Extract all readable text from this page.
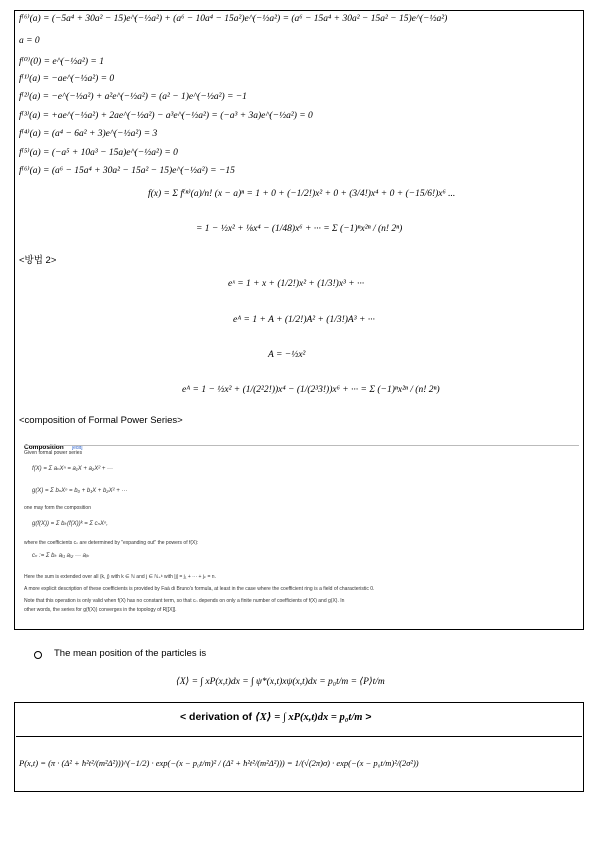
f⁽⁶⁾(a) = (−5a⁴ + 30a² − 15)e^(−½a²) + (a⁶ − 10a⁴ − 15a²)e^(−½a²) = (a⁶ − 15a⁴ + 30a² − 15a² − 15)e^(−½a²)
a = 0
f⁽⁰⁾(0) = e^(−½a²) = 1
f⁽¹⁾(a) = −ae^(−½a²) = 0
f⁽²⁾(a) = −e^(−½a²) + a²e^(−½a²) = (a² − 1)e^(−½a²) = −1
f⁽³⁾(a) = +ae^(−½a²) + 2ae^(−½a²) − a³e^(−½a²) = (−a³ + 3a)e^(−½a²) = 0
f⁽⁴⁾(a) = (a⁴ − 6a² + 3)e^(−½a²) = 3
f⁽⁵⁾(a) = (−a⁵ + 10a³ − 15a)e^(−½a²) = 0
f⁽⁶⁾(a) = (a⁶ − 15a⁴ + 30a² − 15a² − 15)e^(−½a²) = −15
f(x) = Σ f⁽ⁿ⁾(a)/n! (x − a)ⁿ = 1 + 0 + (−1/2!)x² + 0 + (3/4!)x⁴ + 0 + (−15/6!)x⁶ ...
= 1 − ½x² + ⅛x⁴ − (1/48)x⁶ + ··· = Σ (−1)ⁿx²ⁿ / (n! 2ⁿ)
<방법 2>
eˣ = 1 + x + (1/2!)x² + (1/3!)x³ + ···
eᴬ = 1 + A + (1/2!)A² + (1/3!)A³ + ···
A = −½x²
eᴬ = 1 − ½x² + (1/(2²2!))x⁴ − (1/(2³3!))x⁶ + ··· = Σ (−1)ⁿx²ⁿ / (n! 2ⁿ)
<composition of Formal Power Series>
Composition [edit]
Given formal power series
f(X) = Σ aₙXⁿ = a₁X + a₂X² + ···
g(X) = Σ bₙXⁿ = b₀ + b₁X + b₂X² + ···
one may form the composition
g(f(X)) = Σ bₖ(f(X))ᵏ = Σ cₙXⁿ,
where the coefficients cₙ are determined by "expanding out" the powers of f(X):
cₙ := Σ bₖ aⱼ₁ aⱼ₂ ··· aⱼₖ
Here the sum is extended over all (k, j) with k ∈ ℕ and j ∈ ℕ₊ᵏ with |j| = j₁ + ··· + jₖ = n.
A more explicit description of these coefficients is provided by Faà di Bruno's formula, at least in the case where the coefficient ring is a field of characteristic 0.
Note that this operation is only valid when f(X) has no constant term, so that cₙ depends on only a finite number of coefficients of f(X) and g(X). In
other words, the series for g(f(X)) converges in the topology of R[[X]].
The mean position of the particles is
⟨X⟩ = ∫ xP(x,t)dx = ∫ ψ*(x,t)xψ(x,t)dx = p₀t/m = ⟨P⟩t/m
< derivation of ⟨X⟩ = ∫ xP(x,t)dx = p₀t/m >
P(x,t) = (π · (Δ² + ħ²t²/(m²Δ²)))^(−1/2) · exp(−(x − p₀t/m)² / (Δ² + ħ²t²/(m²Δ²))) = 1/(√(2π)σ) · exp(−(x − p₀t/m)²/(2σ²))
